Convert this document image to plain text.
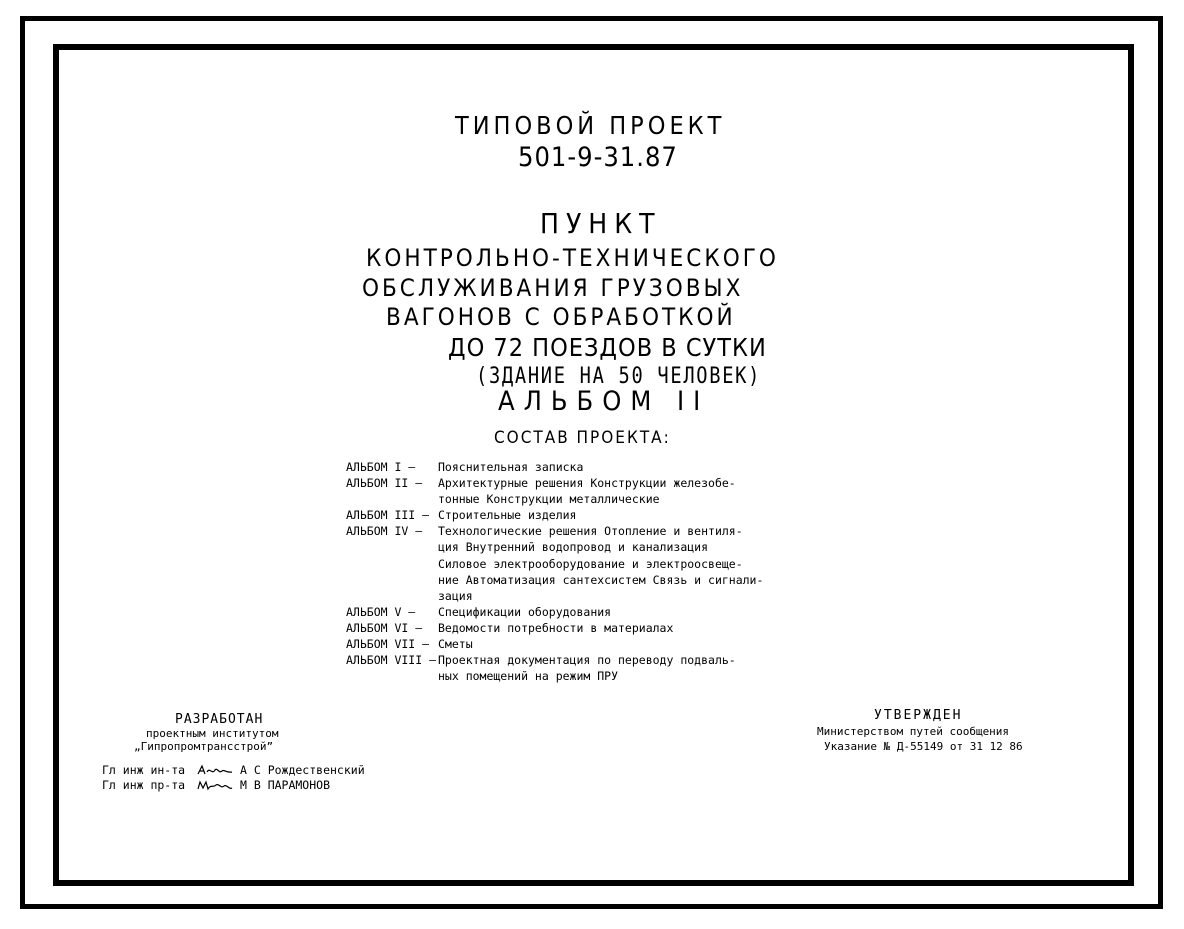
ТИПОВОЙ ПРОЕКТ
501-9-31.87
ПУНКТ
КОНТРОЛЬНО-ТЕХНИЧЕСКОГО
ОБСЛУЖИВАНИЯ ГРУЗОВЫХ
ВАГОНОВ С ОБРАБОТКОЙ
ДО 72 ПОЕЗДОВ В СУТКИ
(ЗДАНИЕ НА 50 ЧЕЛОВЕК)
АЛЬБОМ II
СОСТАВ ПРОЕКТА:
АЛЬБОМ I —	Пояснительная записка
АЛЬБОМ II —	Архитектурные решения Конструкции железобе-
тонные Конструкции металлические
АЛЬБОМ III — Строительные изделия
АЛЬБОМ IV —	Технологические решения Отопление и вентиля-
ция Внутренний водопровод и канализация
Силовое электрооборудование и электроосвеще-
ние Автоматизация сантехсистем Связь и сигнали-
зация
АЛЬБОМ V —	Спецификации оборудования
АЛЬБОМ VI —	Ведомости потребности в материалах
АЛЬБОМ VII — Сметы
АЛЬБОМ VIII — Проектная документация по переводу подваль-
ных помещений на режим ПРУ
РАЗРАБОТАН
проектным институтом
„Гипропромтрансстрой”
Гл инж ин-та	А С Рождественский
Гл инж пр-та	М В ПАРАМОНОВ
УТВЕРЖДЕН
Министерством путей сообщения
Указание № Д-55149 от 31 12 86
